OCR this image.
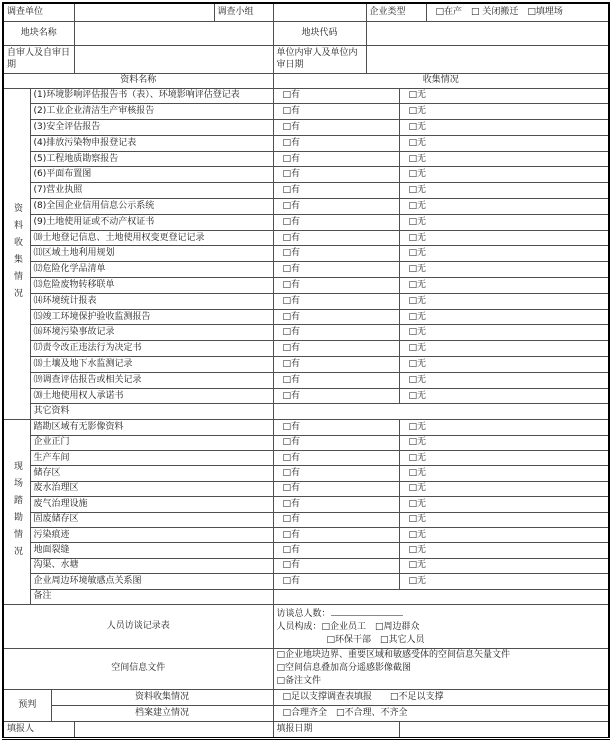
调查单位				调查小组		企业类型		□在产　□ 关闭搬迁　□填埋场
地块名称					地块代码			
自审人及自审日期					单位内审人及单位内审日期			
资料名称					收集情况			

资料收集情况	(1)环境影响评估报告书（表）、环境影响评估登记表				□有		□无	
	(2)工业企业清洁生产审核报告				□有		□无	
	(3)安全评估报告				□有		□无	
	(4)排放污染物申报登记表				□有		□无	
	(5)工程地质勘察报告				□有		□无	
	(6)平面布置图				□有		□无	
	(7)营业执照				□有		□无	
	(8)全国企业信用信息公示系统				□有		□无	
	(9)土地使用证或不动产权证书				□有		□无	
	⑽土地登记信息、土地使用权变更登记记录				□有		□无	
	⑾区域土地利用规划				□有		□无	
	⑿危险化学品清单				□有		□无	
	⒀危险废物转移联单				□有		□无	
	⒁环境统计报表				□有		□无	
	⒂竣工环境保护验收监测报告				□有		□无	
	⒃环境污染事故记录				□有		□无	
	⒄责令改正违法行为决定书				□有		□无	
	⒅土壤及地下水监测记录				□有		□无	
	⒆调查评估报告或相关记录				□有		□无	
	⒇土地使用权人承诺书				□有		□无	
	其它资料							

现场踏勘情况	踏勘区域有无影像资料				□有		□无	
	企业正门				□有		□无	
	生产车间				□有		□无	
	储存区				□有		□无	
	废水治理区				□有		□无	
	废气治理设施				□有		□无	
	固废储存区				□有		□无	
	污染痕迹				□有		□无	
	地面裂缝				□有		□无	
	沟渠、水塘				□有		□无	
	企业周边环境敏感点关系图				□有		□无	
	备注							
人员访谈记录表					访谈总人数：
人员构成：□企业员工　□周边群众
□环保干部　□其它人员			

空间信息文件					□企业地块边界、重要区域和敏感受体的空间信息矢量文件
□空间信息叠加高分遥感影像截图
□备注文件			

预判		资料收集情况			□足以支撑调查表填报　　□不足以支撑			
		档案建立情况			□合理齐全　□不合理、不齐全			
填报人					填报日期			
